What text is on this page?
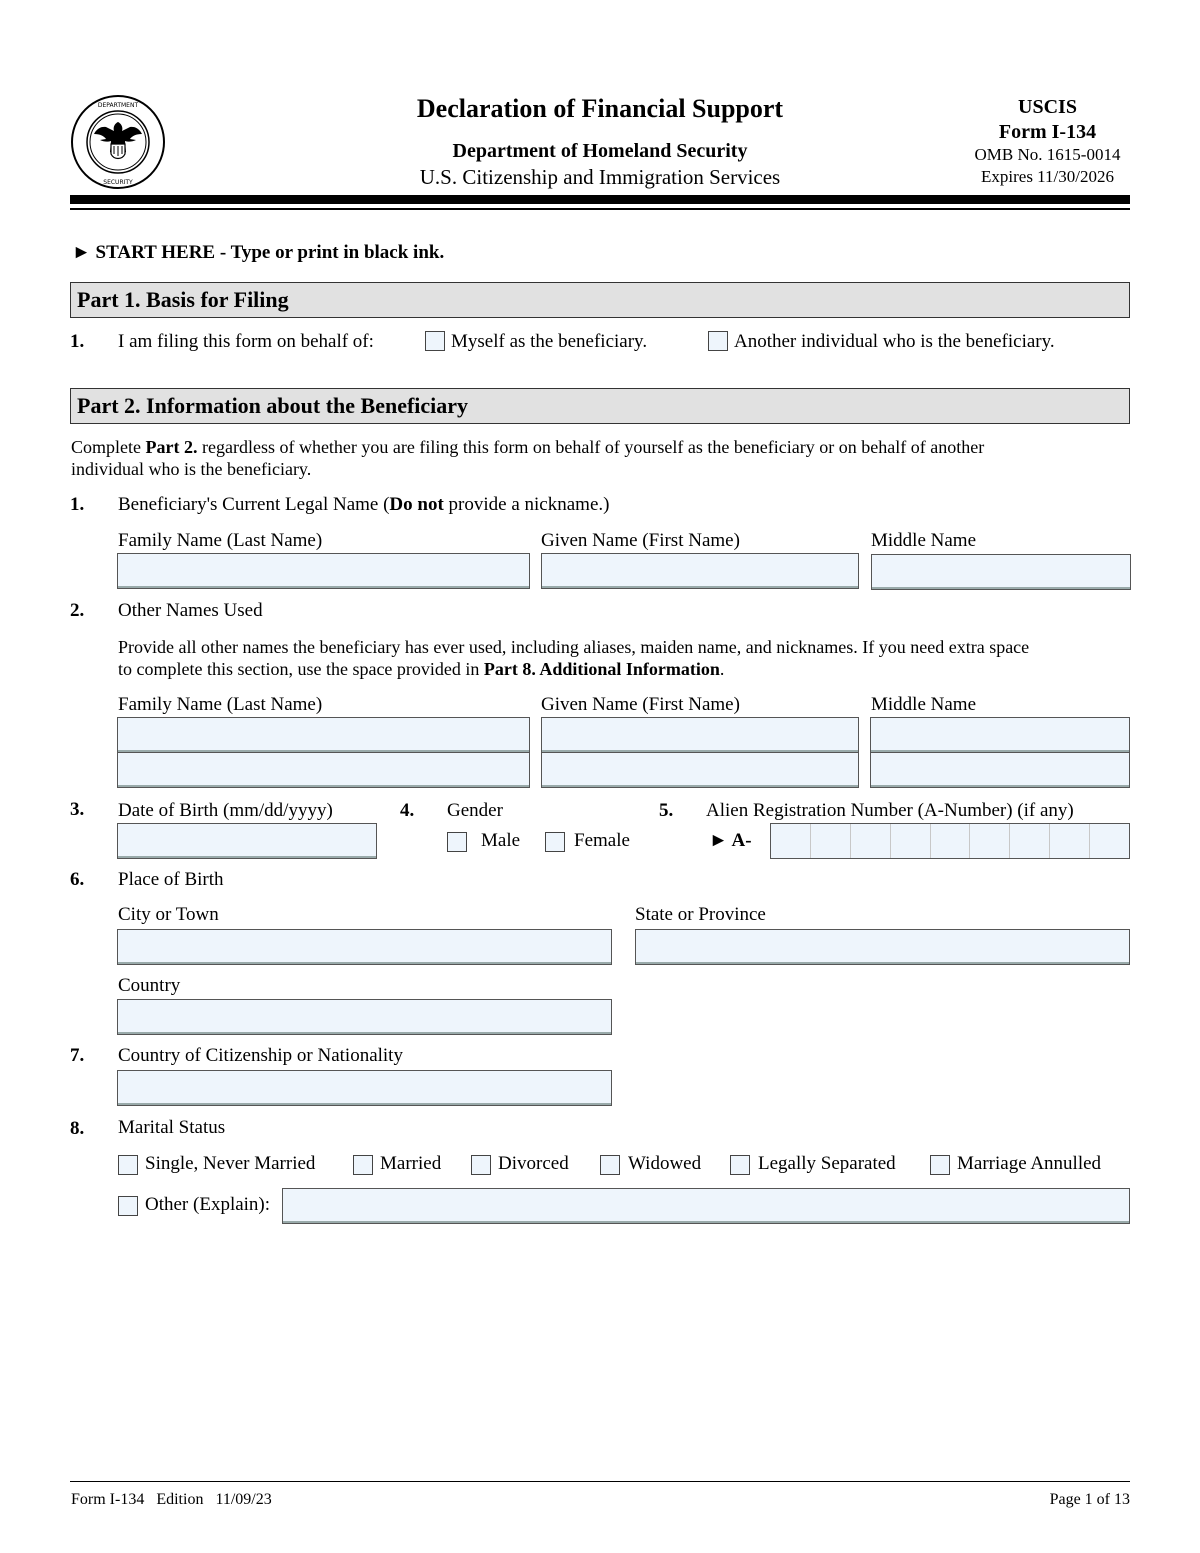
DEPARTMENT
SECURITY
Declaration of Financial Support
Department of Homeland Security
U.S. Citizenship and Immigration Services
USCIS
Form I-134
OMB No. 1615-0014
Expires 11/30/2026
► START HERE - Type or print in black ink.
Part 1. Basis for Filing
1. I am filing this form on behalf of:	Myself as the beneficiary.	Another individual who is the beneficiary.
Part 2. Information about the Beneficiary
Complete Part 2. regardless of whether you are filing this form on behalf of yourself as the beneficiary or on behalf of another
individual who is the beneficiary.
1. Beneficiary's Current Legal Name (Do not provide a nickname.)
Family Name (Last Name)	Given Name (First Name)	Middle Name
2. Other Names Used
Provide all other names the beneficiary has ever used, including aliases, maiden name, and nicknames. If you need extra space
to complete this section, use the space provided in Part 8. Additional Information.
Family Name (Last Name)	Given Name (First Name)	Middle Name
3. Date of Birth (mm/dd/yyyy)	4. Gender
Male	Female
5. Alien Registration Number (A-Number) (if any)
► A-
6. Place of Birth
City or Town	State or Province
Country
7. Country of Citizenship or Nationality
8. Marital Status
Single, Never Married	Married	Divorced	Widowed	Legally Separated	Marriage Annulled
Other (Explain):
Form I-134   Edition   11/09/23	Page 1 of 13
